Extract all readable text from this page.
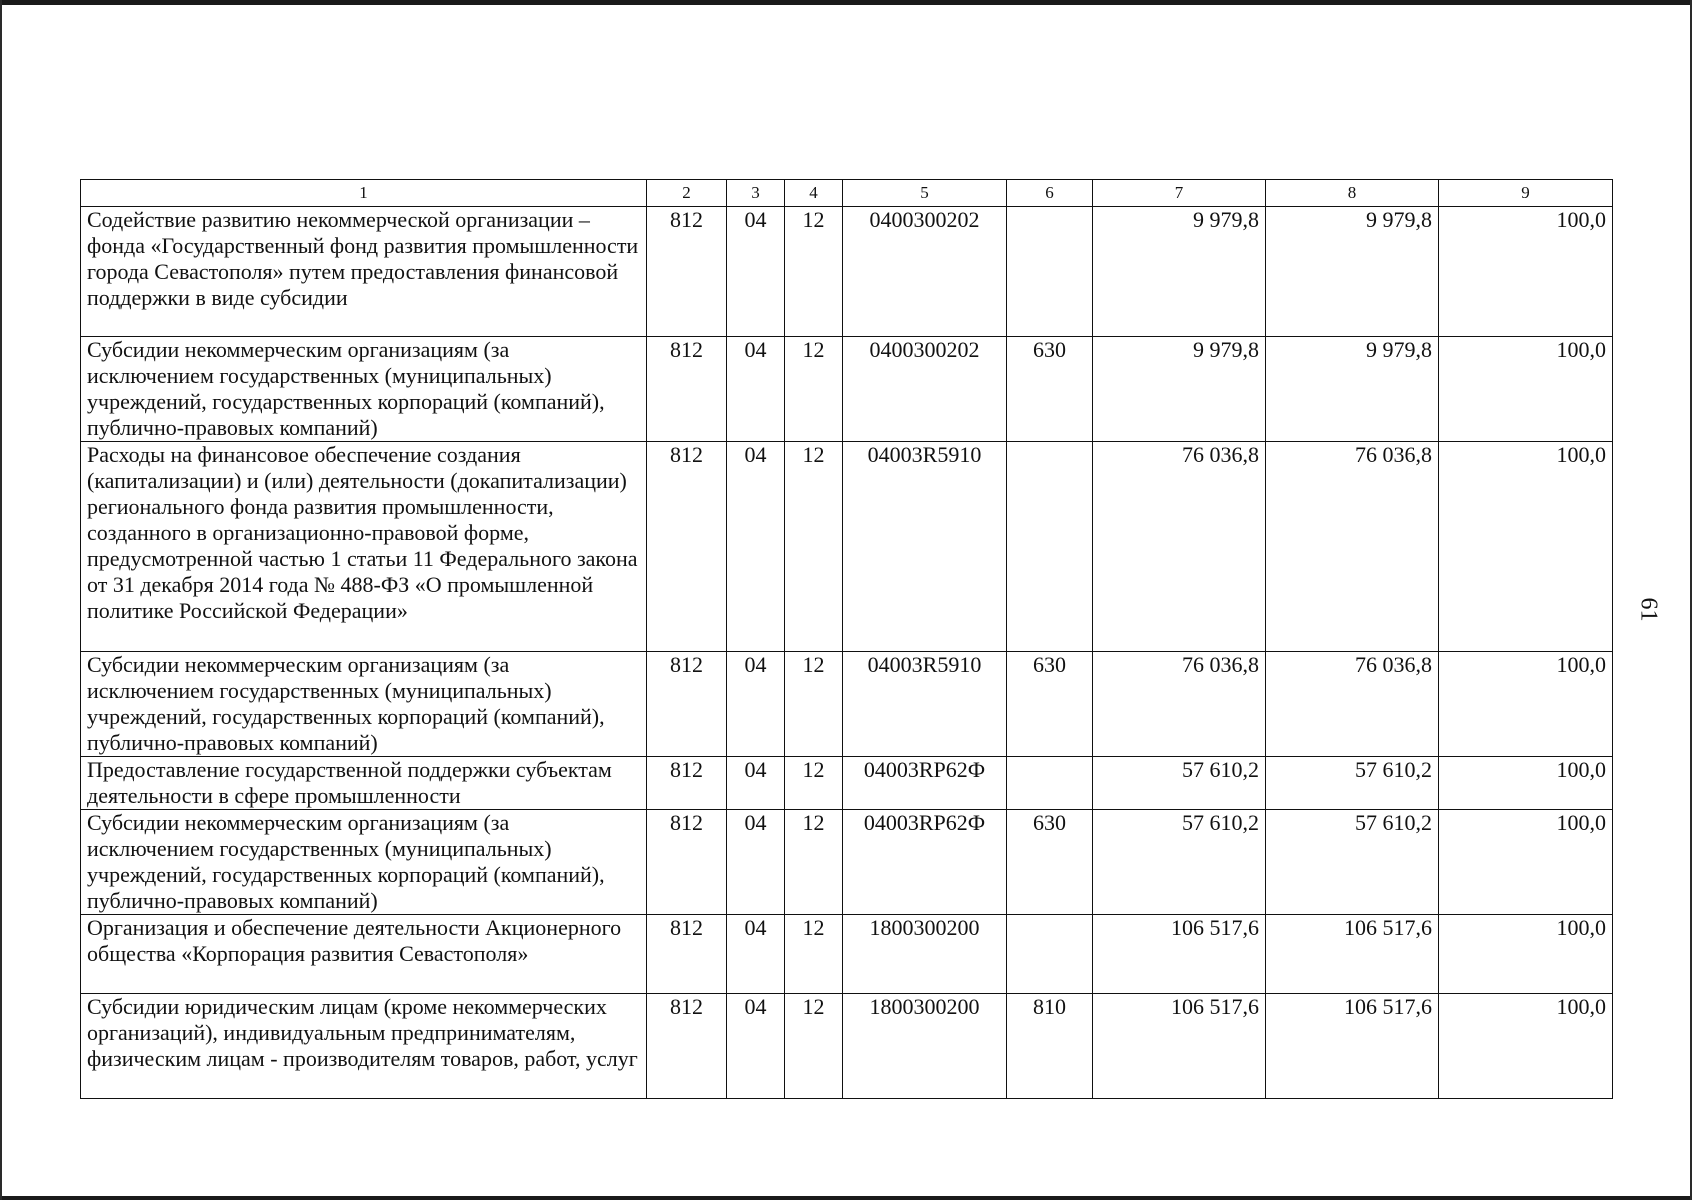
61
1	2	3	4	5	6	7	8	9
Содействие развитию некоммерческой организации – фонда «Государственный фонд развития промышленности города Севастополя» путем предоставления финансовой поддержки в виде субсидии	812	04	12	0400300202		9 979,8	9 979,8	100,0
Субсидии некоммерческим организациям (за исключением государственных (муниципальных) учреждений, государственных корпораций (компаний), публично-правовых компаний)	812	04	12	0400300202	630	9 979,8	9 979,8	100,0
Расходы на финансовое обеспечение создания (капитализации) и (или) деятельности (докапитализации) регионального фонда развития промышленности, созданного в организационно-правовой форме, предусмотренной частью 1 статьи 11 Федерального закона от 31 декабря 2014 года № 488-ФЗ «О промышленной политике Российской Федерации»	812	04	12	04003R5910		76 036,8	76 036,8	100,0
Субсидии некоммерческим организациям (за исключением государственных (муниципальных) учреждений, государственных корпораций (компаний), публично-правовых компаний)	812	04	12	04003R5910	630	76 036,8	76 036,8	100,0
Предоставление государственной поддержки субъектам деятельности в сфере промышленности	812	04	12	04003RP62Ф		57 610,2	57 610,2	100,0
Субсидии некоммерческим организациям (за исключением государственных (муниципальных) учреждений, государственных корпораций (компаний), публично-правовых компаний)	812	04	12	04003RP62Ф	630	57 610,2	57 610,2	100,0
Организация и обеспечение деятельности Акционерного общества «Корпорация развития Севастополя»	812	04	12	1800300200		106 517,6	106 517,6	100,0
Субсидии юридическим лицам (кроме некоммерческих организаций), индивидуальным предпринимателям, физическим лицам - производителям товаров, работ, услуг	812	04	12	1800300200	810	106 517,6	106 517,6	100,0
